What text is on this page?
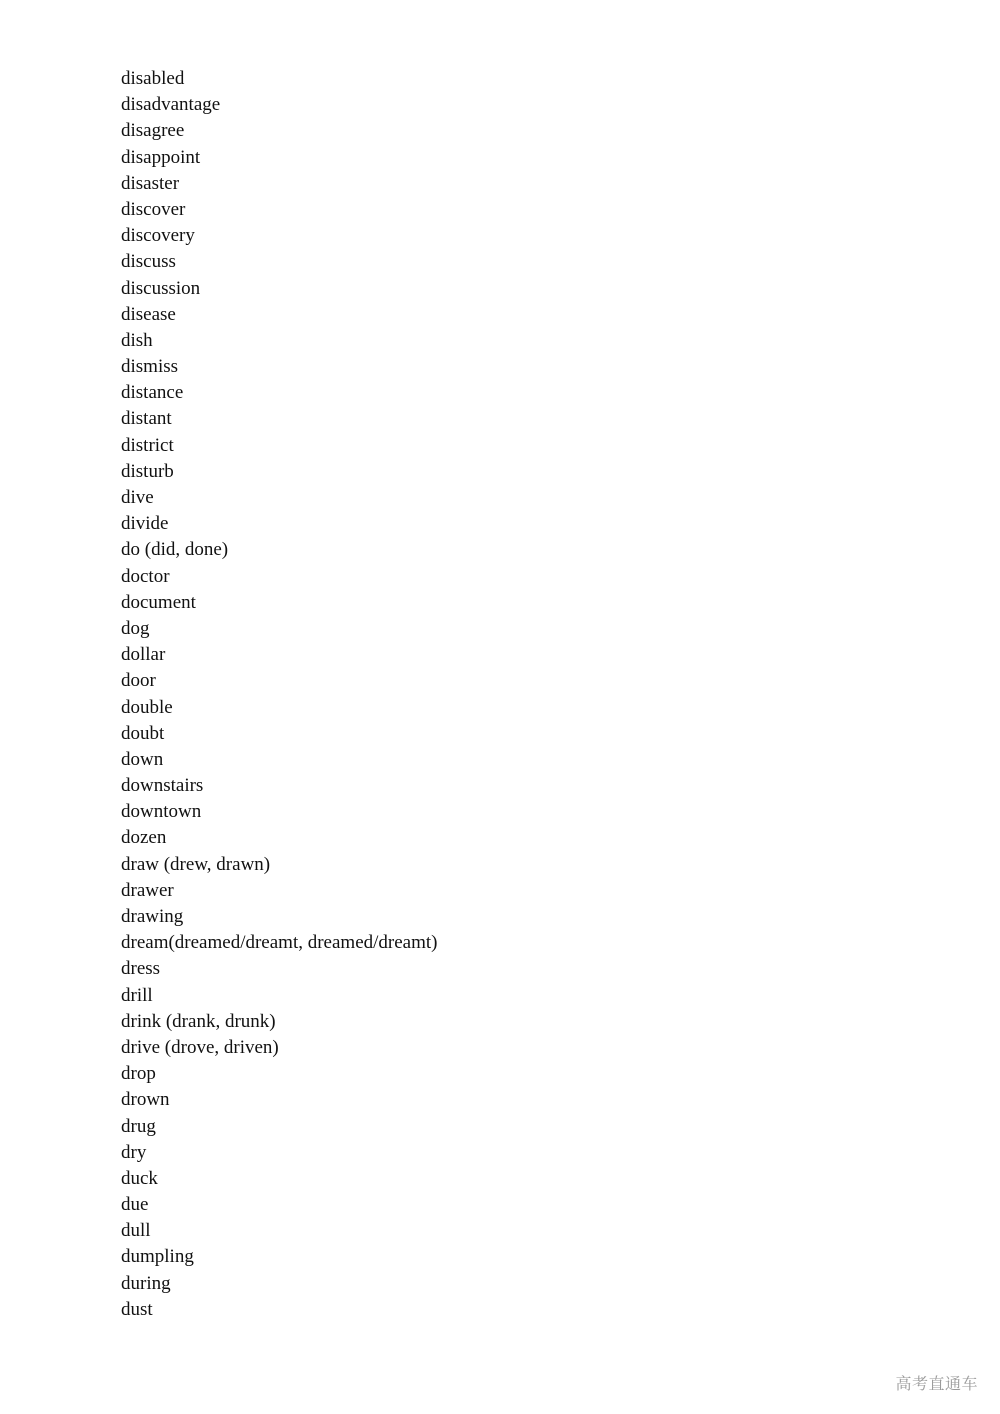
disabled
disadvantage
disagree
disappoint
disaster
discover
discovery
discuss
discussion
disease
dish
dismiss
distance
distant
district
disturb
dive
divide
do (did, done)
doctor
document
dog
dollar
door
double
doubt
down
downstairs
downtown
dozen
draw (drew, drawn)
drawer
drawing
dream(dreamed/dreamt, dreamed/dreamt)
dress
drill
drink (drank, drunk)
drive (drove, driven)
drop
drown
drug
dry
duck
due
dull
dumpling
during
dust
高考直通车
